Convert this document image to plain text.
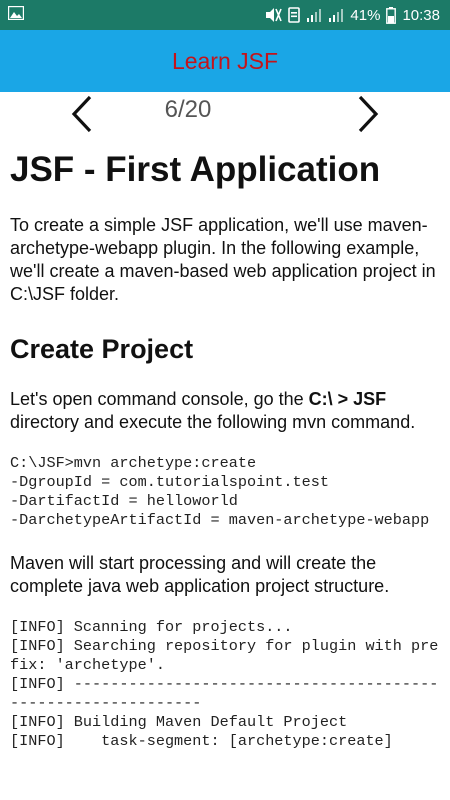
41% 10:38
Learn JSF
6/20
JSF - First Application

To create a simple JSF application, we'll use maven-archetype-webapp plugin. In the following example, we'll create a maven-based web application project in C:\JSF folder.

Create Project

Let's open command console, go the C:\ > JSF directory and execute the following mvn command.

C:\JSF>mvn archetype:create
-DgroupId = com.tutorialspoint.test
-DartifactId = helloworld
-DarchetypeArtifactId = maven-archetype-webapp

Maven will start processing and will create the complete java web application project structure.

[INFO] Scanning for projects...
[INFO] Searching repository for plugin with prefix: 'archetype'.
[INFO] -------------------------------------------------------------
[INFO] Building Maven Default Project
[INFO]    task-segment: [archetype:create]
